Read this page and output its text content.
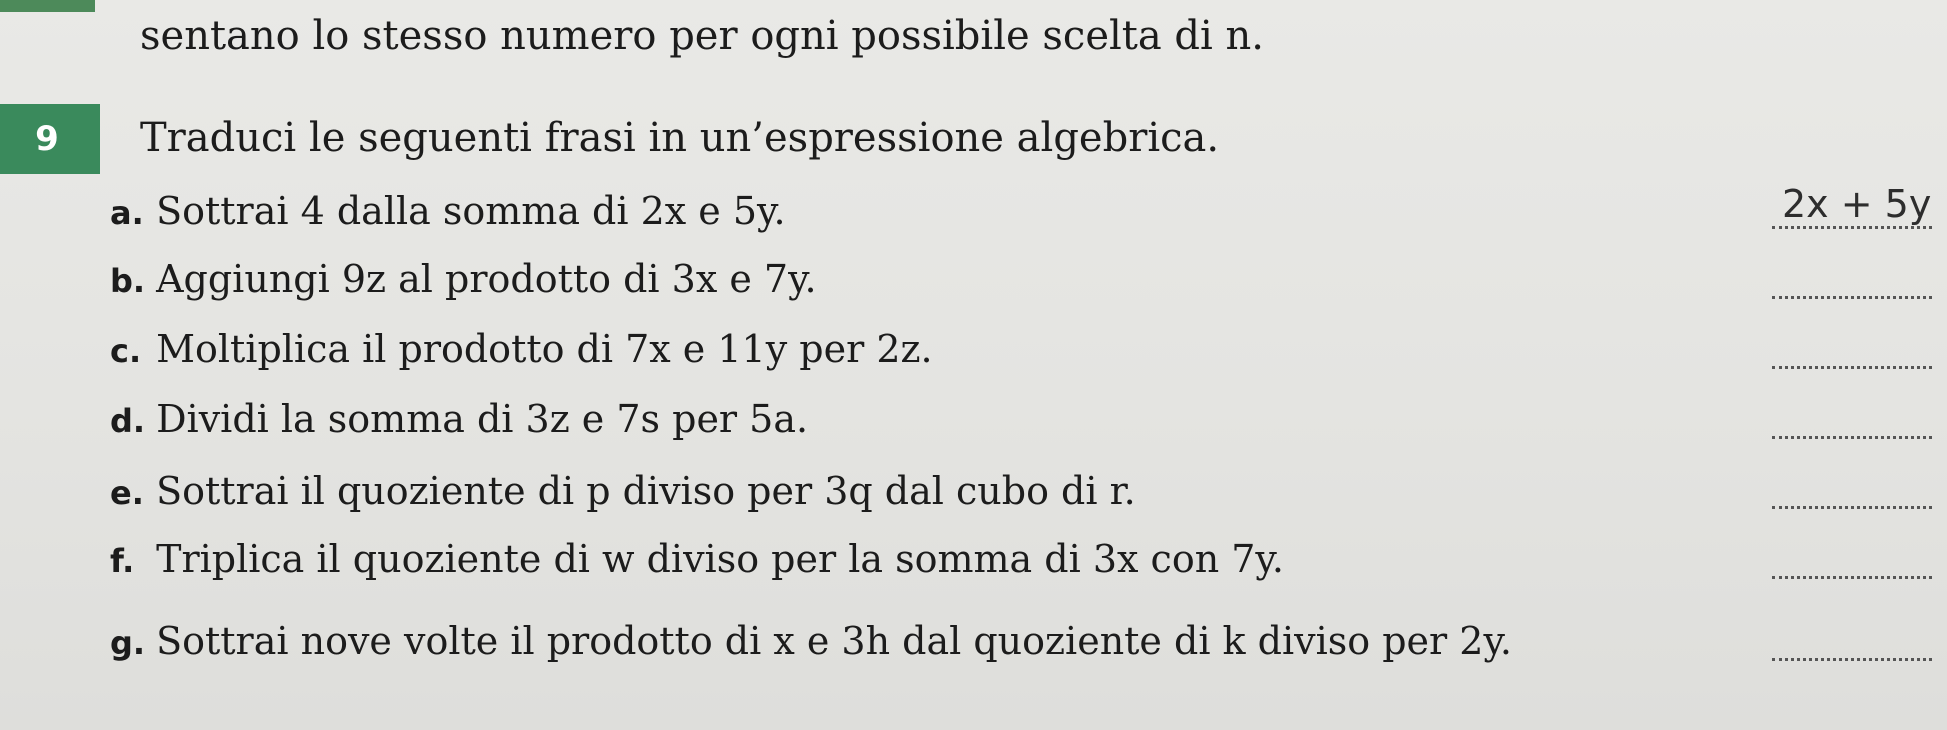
sentano lo stesso numero per ogni possibile scelta di n.
9	Traduci le seguenti frasi in un’espressione algebrica.
a. Sottrai 4 dalla somma di 2x e 5y.	2x + 5y
b. Aggiungi 9z al prodotto di 3x e 7y.
c. Moltiplica il prodotto di 7x e 11y per 2z.
d. Dividi la somma di 3z e 7s per 5a.
e. Sottrai il quoziente di p diviso per 3q dal cubo di r.
f. Triplica il quoziente di w diviso per la somma di 3x con 7y.
g. Sottrai nove volte il prodotto di x e 3h dal quoziente di k diviso per 2y.
